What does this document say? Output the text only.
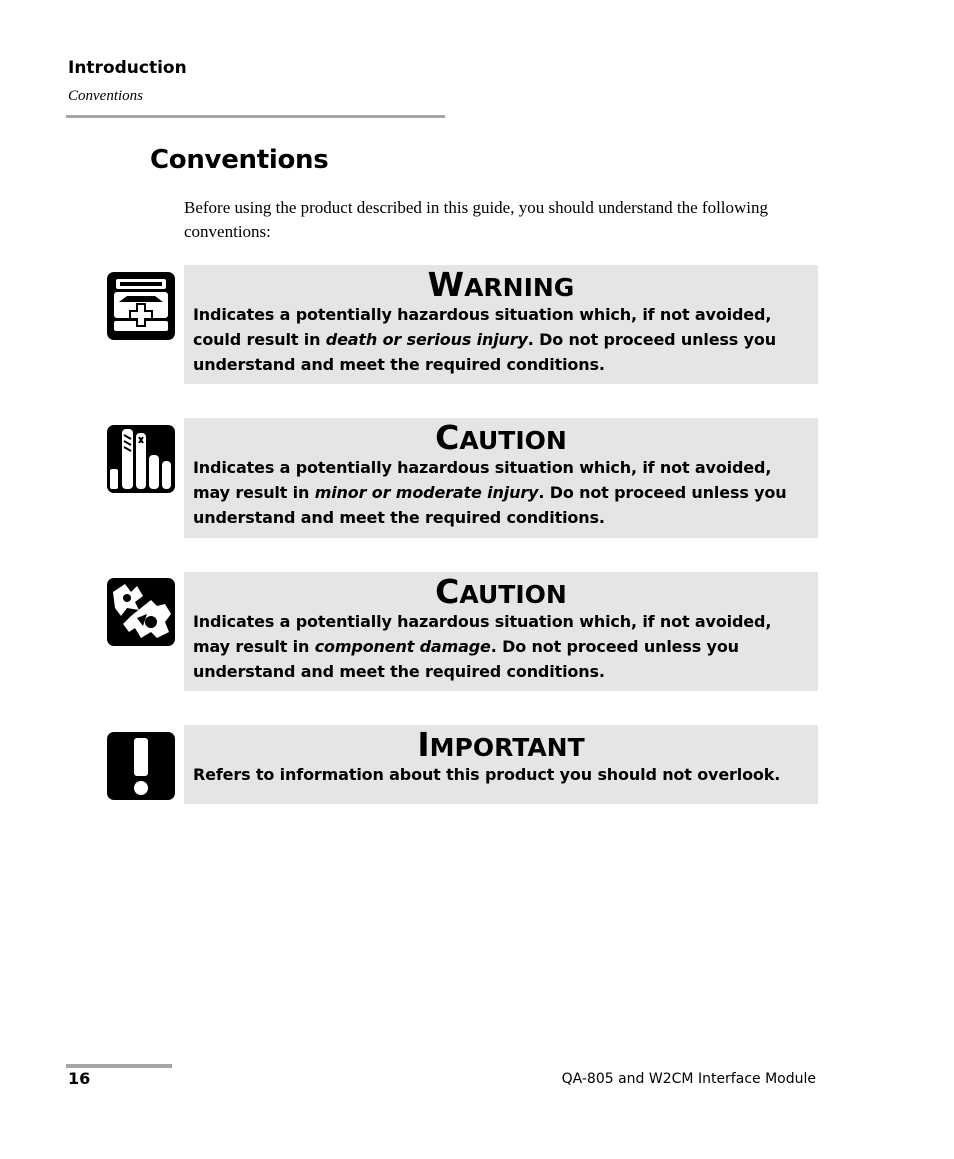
Introduction
Conventions
Conventions

Before using the product described in this guide, you should understand the following conventions:

WARNING
Indicates a potentially hazardous situation which, if not avoided, could result in death or serious injury. Do not proceed unless you understand and meet the required conditions.
CAUTION
Indicates a potentially hazardous situation which, if not avoided, may result in minor or moderate injury. Do not proceed unless you understand and meet the required conditions.
CAUTION
Indicates a potentially hazardous situation which, if not avoided, may result in component damage. Do not proceed unless you understand and meet the required conditions.
IMPORTANT
Refers to information about this product you should not overlook.
16	QA-805 and W2CM Interface Module
